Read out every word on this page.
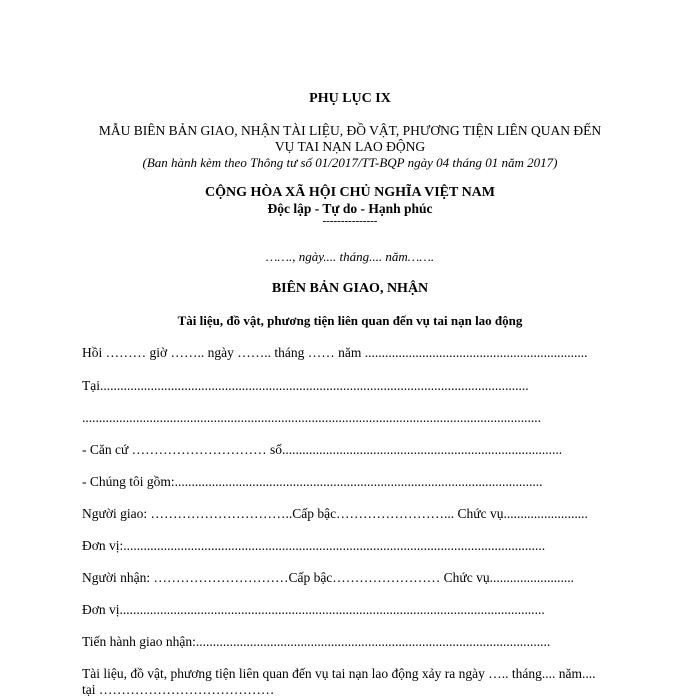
PHỤ LỤC IX
MẪU BIÊN BẢN GIAO, NHẬN TÀI LIỆU, ĐỒ VẬT, PHƯƠNG TIỆN LIÊN QUAN ĐẾN
VỤ TAI NẠN LAO ĐỘNG
(Ban hành kèm theo Thông tư số 01/2017/TT-BQP ngày 04 tháng 01 năm 2017)
CỘNG HÒA XÃ HỘI CHỦ NGHĨA VIỆT NAM
Độc lập - Tự do - Hạnh phúc
---------------
……., ngày.... tháng.... năm…….
BIÊN BẢN GIAO, NHẬN
Tài liệu, đồ vật, phương tiện liên quan đến vụ tai nạn lao động
Hồi ……… giờ …….. ngày …….. tháng …… năm ..................................................................
Tại...............................................................................................................................
........................................................................................................................................
- Căn cứ ………………………… số...................................................................................
- Chúng tôi gồm:.............................................................................................................
Người giao: …………………………..Cấp bậc……………………... Chức vụ.........................
Đơn vị:.............................................................................................................................
Người nhận: …………………………Cấp bậc…………………… Chức vụ.........................
Đơn vị..............................................................................................................................
Tiến hành giao nhận:.........................................................................................................
Tài liệu, đồ vật, phương tiện liên quan đến vụ tai nạn lao động xảy ra ngày ….. tháng.... năm....
tại …………………………………
